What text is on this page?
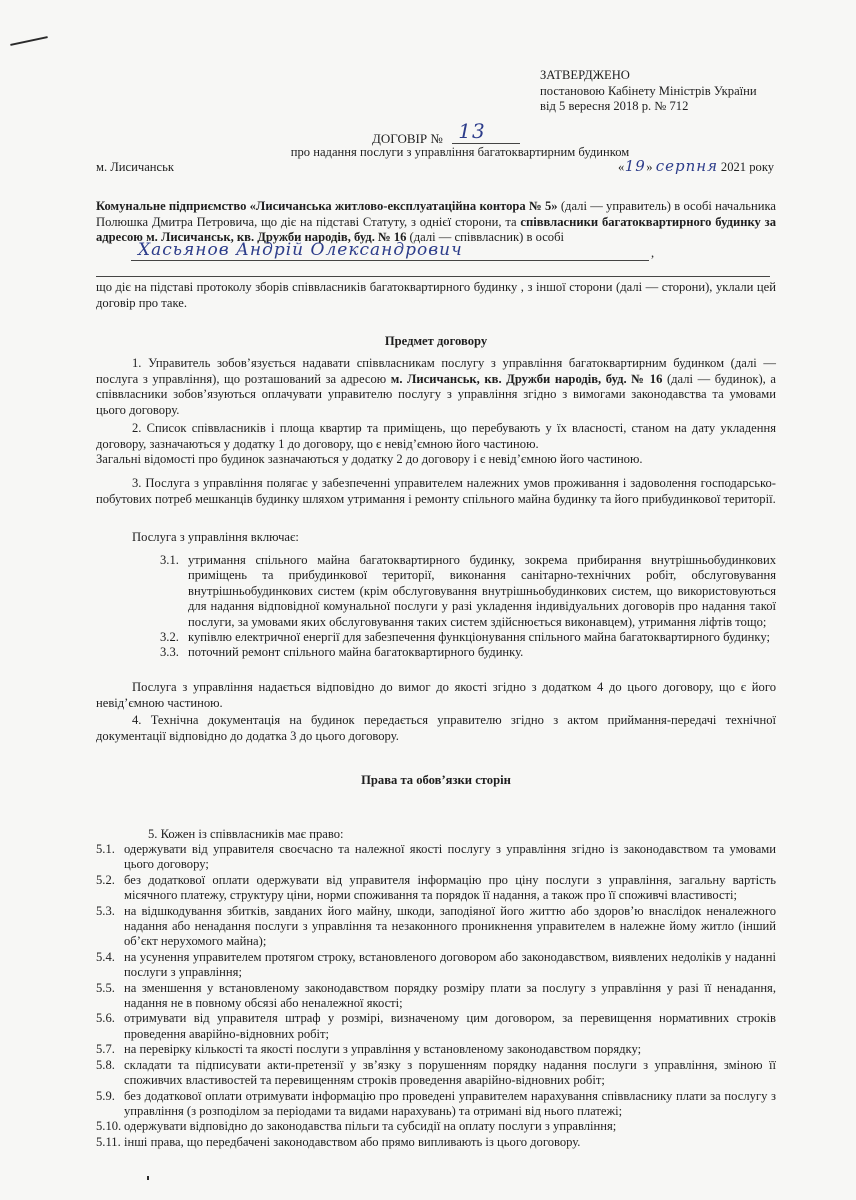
ЗАТВЕРДЖЕНО
постановою Кабінету Міністрів України
від 5 вересня 2018 р. № 712
ДОГОВІР № 13
про надання послуги з управління багатоквартирним будинком
м. Лисичанськ	«19» серпня 2021 року
Комунальне підприємство «Лисичанська житлово-експлуатаційна контора № 5» (далі — управитель) в особі начальника Полюшка Дмитра Петровича, що діє на підставі Статуту, з однієї сторони, та співвласники багатоквартирного будинку за адресою м. Лисичанськ, кв. Дружби народів, буд. № 16 (далі — співвласник) в особі
Хасьянов Андрій Олександрович	,
що діє на підставі протоколу зборів співвласників багатоквартирного будинку , з іншої сторони (далі — сторони), уклали цей договір про таке.
Предмет договору
1. Управитель зобов’язується надавати співвласникам послугу з управління багатоквартирним будинком (далі — послуга з управління), що розташований за адресою м. Лисичанськ, кв. Дружби народів, буд. № 16 (далі — будинок), а співвласники зобов’язуються оплачувати управителю послугу з управління згідно з вимогами законодавства та умовами цього договору.
2. Список співвласників і площа квартир та приміщень, що перебувають у їх власності, станом на дату укладення договору, зазначаються у додатку 1 до договору, що є невід’ємною його частиною.
Загальні відомості про будинок зазначаються у додатку 2 до договору і є невід’ємною його частиною.
3. Послуга з управління полягає у забезпеченні управителем належних умов проживання і задоволення господарсько-побутових потреб мешканців будинку шляхом утримання і ремонту спільного майна будинку та його прибудинкової території.
Послуга з управління включає:
3.1. утримання спільного майна багатоквартирного будинку, зокрема прибирання внутрішньобудинкових приміщень та прибудинкової території, виконання санітарно-технічних робіт, обслуговування внутрішньобудинкових систем (крім обслуговування внутрішньобудинкових систем, що використовуються для надання відповідної комунальної послуги у разі укладення індивідуальних договорів про надання такої послуги, за умовами яких обслуговування таких систем здійснюється виконавцем), утримання ліфтів тощо;
3.2. купівлю електричної енергії для забезпечення функціонування спільного майна багатоквартирного будинку;
3.3. поточний ремонт спільного майна багатоквартирного будинку.
Послуга з управління надається відповідно до вимог до якості згідно з додатком 4 до цього договору, що є його невід’ємною частиною.
4. Технічна документація на будинок передається управителю згідно з актом приймання-передачі технічної документації відповідно до додатка 3 до цього договору.
Права та обов’язки сторін
5. Кожен із співвласників має право:
5.1. одержувати від управителя своєчасно та належної якості послугу з управління згідно із законодавством та умовами цього договору;
5.2. без додаткової оплати одержувати від управителя інформацію про ціну послуги з управління, загальну вартість місячного платежу, структуру ціни, норми споживання та порядок її надання, а також про її споживчі властивості;
5.3. на відшкодування збитків, завданих його майну, шкоди, заподіяної його життю або здоров’ю внаслідок неналежного надання або ненадання послуги з управління та незаконного проникнення управителем в належне йому житло (інший об’єкт нерухомого майна);
5.4. на усунення управителем протягом строку, встановленого договором або законодавством, виявлених недоліків у наданні послуги з управління;
5.5. на зменшення у встановленому законодавством порядку розміру плати за послугу з управління у разі її ненадання, надання не в повному обсязі або неналежної якості;
5.6. отримувати від управителя штраф у розмірі, визначеному цим договором, за перевищення нормативних строків проведення аварійно-відновних робіт;
5.7. на перевірку кількості та якості послуги з управління у встановленому законодавством порядку;
5.8. складати та підписувати акти-претензії у зв’язку з порушенням порядку надання послуги з управління, зміною її споживчих властивостей та перевищенням строків проведення аварійно-відновних робіт;
5.9. без додаткової оплати отримувати інформацію про проведені управителем нарахування співвласнику плати за послугу з управління (з розподілом за періодами та видами нарахувань) та отримані від нього платежі;
5.10. одержувати відповідно до законодавства пільги та субсидії на оплату послуги з управління;
5.11. інші права, що передбачені законодавством або прямо випливають із цього договору.
